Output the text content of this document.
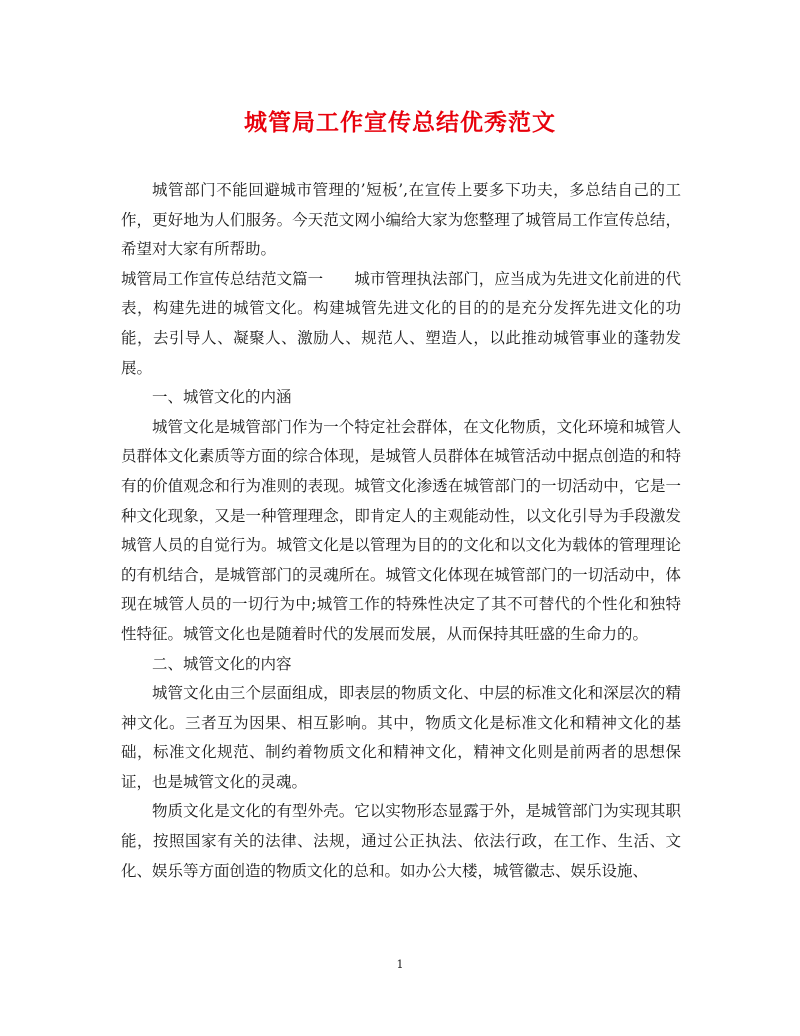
城管局工作宣传总结优秀范文

城管部门不能回避城市管理的’短板’,在宣传上要多下功夫，多总结自己的工作，更好地为人们服务。今天范文网小编给大家为您整理了城管局工作宣传总结，希望对大家有所帮助。

城管局工作宣传总结范文篇一　　城市管理执法部门，应当成为先进文化前进的代表，构建先进的城管文化。构建城管先进文化的目的的是充分发挥先进文化的功能，去引导人、凝聚人、激励人、规范人、塑造人，以此推动城管事业的蓬勃发展。

一、城管文化的内涵

城管文化是城管部门作为一个特定社会群体，在文化物质，文化环境和城管人员群体文化素质等方面的综合体现，是城管人员群体在城管活动中据点创造的和特有的价值观念和行为准则的表现。城管文化渗透在城管部门的一切活动中，它是一种文化现象，又是一种管理理念，即肯定人的主观能动性，以文化引导为手段激发城管人员的自觉行为。城管文化是以管理为目的的文化和以文化为载体的管理理论的有机结合，是城管部门的灵魂所在。城管文化体现在城管部门的一切活动中，体现在城管人员的一切行为中;城管工作的特殊性决定了其不可替代的个性化和独特性特征。城管文化也是随着时代的发展而发展，从而保持其旺盛的生命力的。

二、城管文化的内容

城管文化由三个层面组成，即表层的物质文化、中层的标准文化和深层次的精神文化。三者互为因果、相互影响。其中，物质文化是标准文化和精神文化的基础，标准文化规范、制约着物质文化和精神文化，精神文化则是前两者的思想保证，也是城管文化的灵魂。

物质文化是文化的有型外壳。它以实物形态显露于外，是城管部门为实现其职能，按照国家有关的法律、法规，通过公正执法、依法行政，在工作、生活、文化、娱乐等方面创造的物质文化的总和。如办公大楼，城管徽志、娱乐设施、

1
